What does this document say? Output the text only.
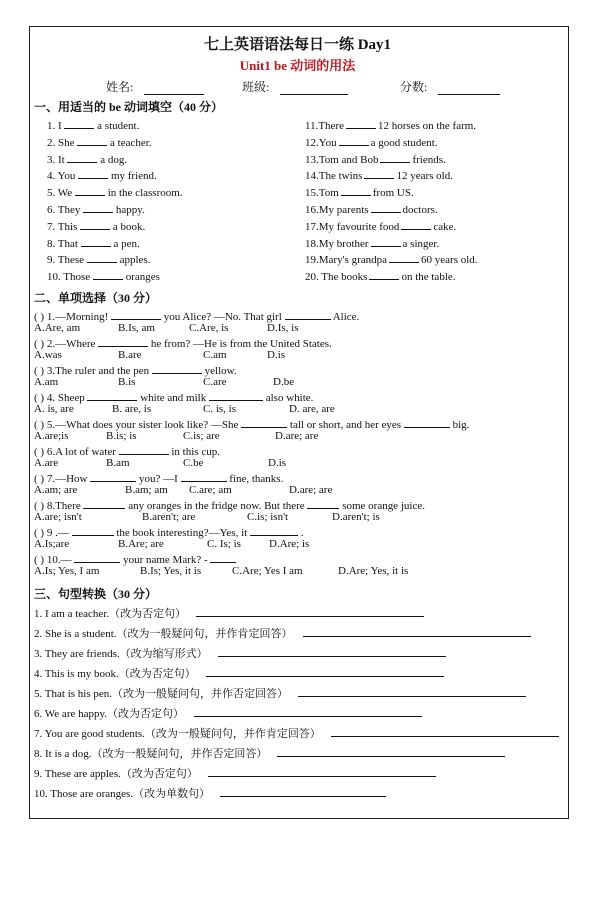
七上英语语法每日一练 Day1
Unit1 be 动词的用法
姓名:	班级:	分数:
一、用适当的 be 动词填空（40 分）
1. I	a student.
2. She	a teacher.
3. It	a dog.
4. You	my friend.
5. We	in the classroom.
6. They	happy.
7. This	a book.
8. That	a pen.
9. These	apples.
10. Those	oranges
11.There	12 horses on the farm.
12.You	a good student.
13.Tom and Bob	friends.
14.The twins	12 years old.
15.Tom	from US.
16.My parents	doctors.
17.My favourite food	cake.
18.My brother	a singer.
19.Mary's grandpa	60 years old.
20. The books	on the table.
二、单项选择（30 分）
( ) 1.—Morning!	you Alice? —No. That girl	Alice.
A.Are, am	B.Is, am	C.Are, is	D.Is, is
( ) 2.—Where	he from? —He is from the United States.
A.was	B.are	C.am	D.is
( ) 3.The ruler and the pen	yellow.
A.am	B.is	C.are	D.be
( ) 4. Sheep	white and milk	also white.
A. is, are	B. are, is	C. is, is	D. are, are
( ) 5.—What does your sister look like? —She	tall or short, and her eyes	big.
A.are;is	B.is; is	C.is; are	D.are; are
( ) 6.A lot of water	in this cup.
A.are	B.am	C.be	D.is
( ) 7.—How	you? —I	fine, thanks.
A.am; are	B.am; am C.are; am	D.are; are
( ) 8.There	any oranges in the fridge now. But there	some orange juice.
A.are; isn't	B.aren't; are	C.is; isn't	D.aren't; is
( ) 9 .—	the book interesting?—Yes, it	.
A.Is;are	B.Are; are	C. Is; is	D.Are; is
( ) 10.—	your name Mark? -
A.Is; Yes, I am	B.Is; Yes, it is	C.Are; Yes I am	D.Are; Yes, it is
三、句型转换（30 分）
1. I am a teacher.（改为否定句）
2. She is a student.（改为一般疑问句，并作肯定回答）
3. They are friends.（改为缩写形式）
4. This is my book.（改为否定句）
5. That is his pen.（改为一般疑问句，并作否定回答）
6. We are happy.（改为否定句）
7. You are good students.（改为一般疑问句，并作肯定回答）
8. It is a dog.（改为一般疑问句，并作否定回答）
9. These are apples.（改为否定句）
10. Those are oranges.（改为单数句）
